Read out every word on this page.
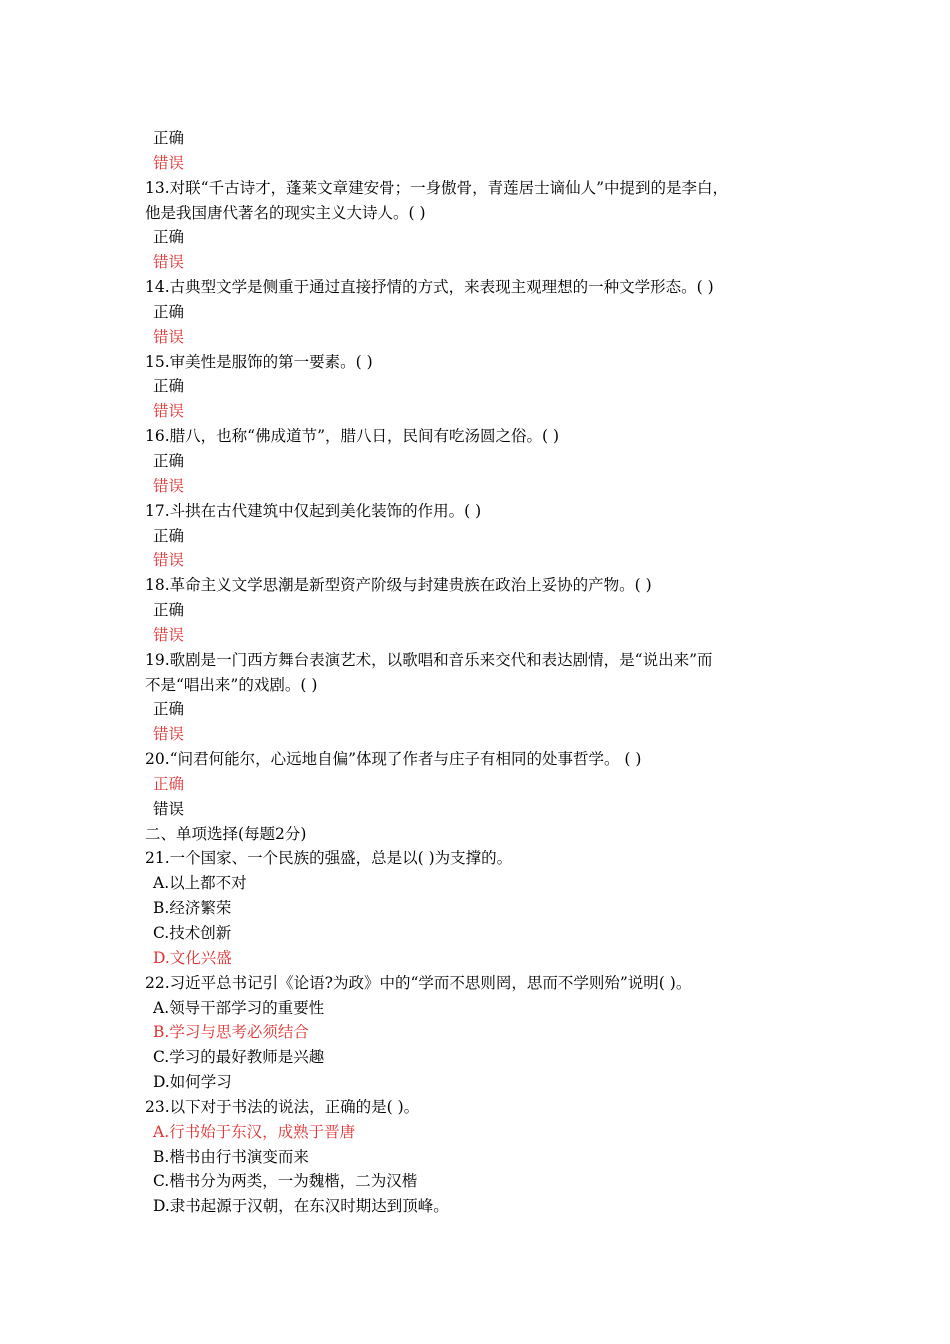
正确
错误
13.对联“千古诗才，蓬莱文章建安骨；一身傲骨，青莲居士谪仙人”中提到的是李白，
他是我国唐代著名的现实主义大诗人。( )
正确
错误
14.古典型文学是侧重于通过直接抒情的方式，来表现主观理想的一种文学形态。( )
正确
错误
15.审美性是服饰的第一要素。( )
正确
错误
16.腊八，也称“佛成道节”，腊八日，民间有吃汤圆之俗。( )
正确
错误
17.斗拱在古代建筑中仅起到美化装饰的作用。( )
正确
错误
18.革命主义文学思潮是新型资产阶级与封建贵族在政治上妥协的产物。( )
正确
错误
19.歌剧是一门西方舞台表演艺术，以歌唱和音乐来交代和表达剧情，是“说出来”而
不是“唱出来”的戏剧。( )
正确
错误
20.“问君何能尔，心远地自偏”体现了作者与庄子有相同的处事哲学。 ( )
正确
错误
二、单项选择(每题2分)
21.一个国家、一个民族的强盛，总是以( )为支撑的。
A.以上都不对
B.经济繁荣
C.技术创新
D.文化兴盛
22.习近平总书记引《论语?为政》中的“学而不思则罔，思而不学则殆”说明( )。
A.领导干部学习的重要性
B.学习与思考必须结合
C.学习的最好教师是兴趣
D.如何学习
23.以下对于书法的说法，正确的是( )。
A.行书始于东汉，成熟于晋唐
B.楷书由行书演变而来
C.楷书分为两类，一为魏楷，二为汉楷
D.隶书起源于汉朝，在东汉时期达到顶峰。
